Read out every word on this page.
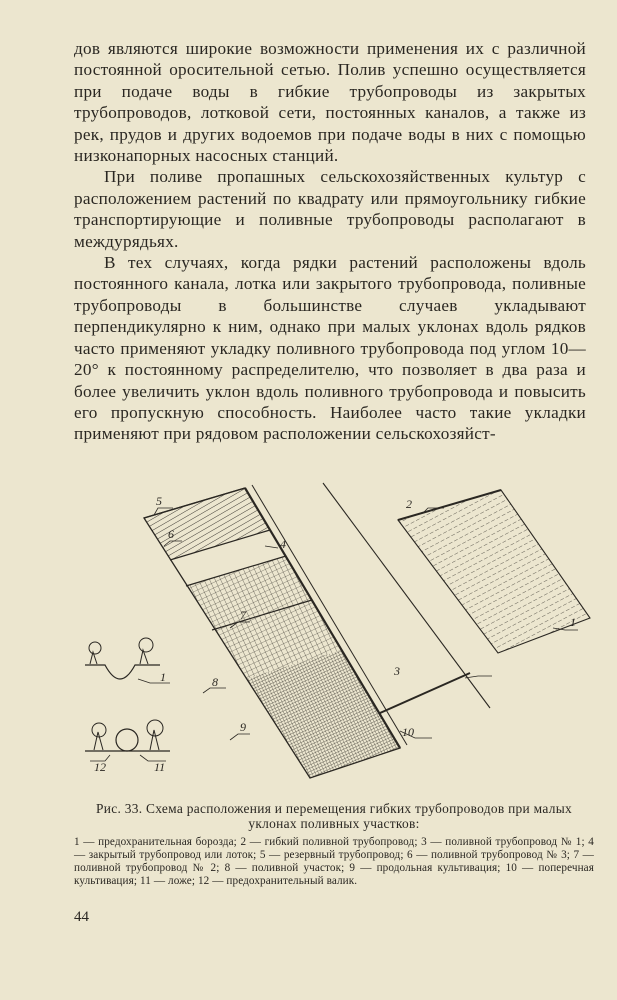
дов являются широкие возможности применения их с различной постоянной оросительной сетью. Полив успешно осуществляется при подаче воды в гибкие трубопроводы из закрытых трубопроводов, лотковой сети, постоянных каналов, а также из рек, прудов и других водоемов при подаче воды в них с помощью низконапорных насосных станций.

При поливе пропашных сельскохозяйственных культур с расположением растений по квадрату или прямоугольнику гибкие транспортирующие и поливные трубопроводы располагают в междурядьях.

В тех случаях, когда рядки растений расположены вдоль постоянного канала, лотка или закрытого трубопровода, поливные трубопроводы в большинстве случаев укладывают перпендикулярно к ним, однако при малых уклонах вдоль рядков часто применяют укладку поливного трубопровода под углом 10—20° к постоянному распределителю, что позволяет в два раза и более увеличить уклон вдоль поливного трубопровода и повысить его пропускную способность. Наиболее часто такие укладки применяют при рядовом расположении сельскохозяйст-

5
6
4
7
8
9	10
3
1
2
1
11
12
Рис. 33. Схема расположения и перемещения гибких трубопроводов при малых уклонах поливных участков:
1 — предохранительная борозда; 2 — гибкий поливной трубопровод; 3 — поливной трубопровод № 1; 4 — закрытый трубопровод или лоток; 5 — резервный трубопровод; 6 — поливной трубопровод № 3; 7 — поливной трубопровод № 2; 8 — поливной участок; 9 — продольная культивация; 10 — поперечная культивация; 11 — ложе; 12 — предохранительный валик.
44
